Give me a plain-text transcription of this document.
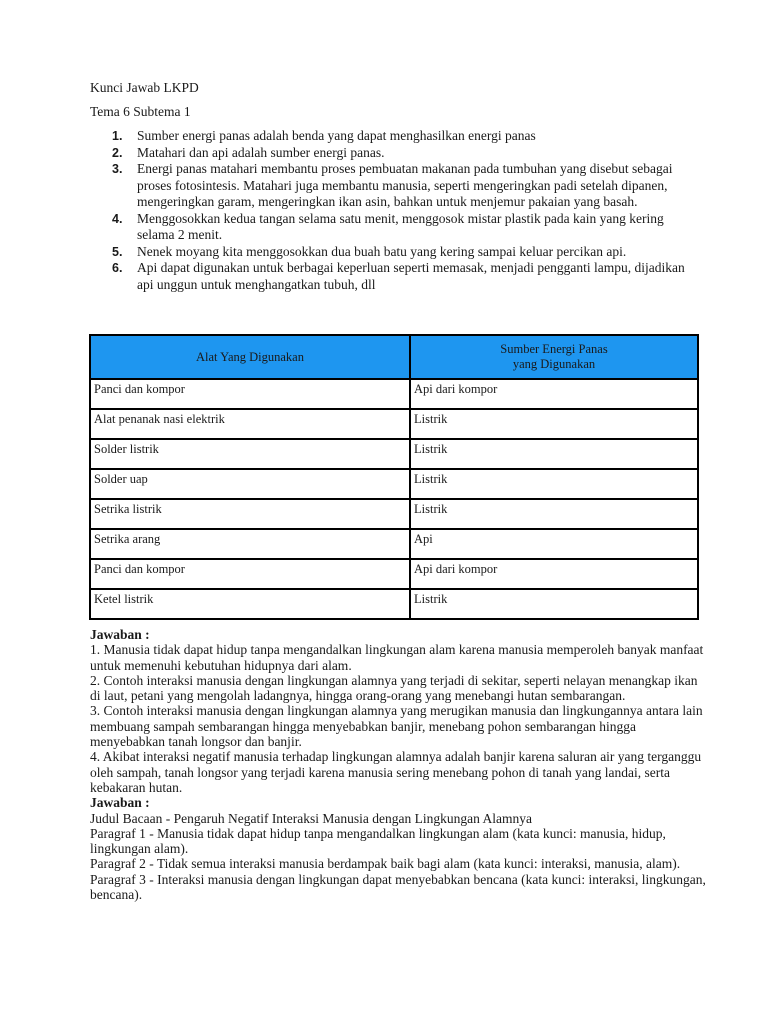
Kunci Jawab LKPD
Tema 6 Subtema 1
1. Sumber energi panas adalah benda yang dapat menghasilkan energi panas
2. Matahari dan api adalah sumber energi panas.
3. Energi panas matahari membantu proses pembuatan makanan pada tumbuhan yang disebut sebagai proses fotosintesis. Matahari juga membantu manusia, seperti mengeringkan padi setelah dipanen, mengeringkan garam, mengeringkan ikan asin, bahkan untuk menjemur pakaian yang basah.
4. Menggosokkan kedua tangan selama satu menit, menggosok mistar plastik pada kain yang kering selama 2 menit.
5. Nenek moyang kita menggosokkan dua buah batu yang kering sampai keluar percikan api.
6. Api dapat digunakan untuk berbagai keperluan seperti memasak, menjadi pengganti lampu, dijadikan api unggun untuk menghangatkan tubuh, dll
Alat Yang Digunakan	Sumber Energi Panas
yang Digunakan
Panci dan kompor	Api dari kompor
Alat penanak nasi elektrik	Listrik
Solder listrik	Listrik
Solder uap	Listrik
Setrika listrik	Listrik
Setrika arang	Api
Panci dan kompor	Api dari kompor
Ketel listrik	Listrik

Jawaban :

1. Manusia tidak dapat hidup tanpa mengandalkan lingkungan alam karena manusia memperoleh banyak manfaat untuk memenuhi kebutuhan hidupnya dari alam.

2. Contoh interaksi manusia dengan lingkungan alamnya yang terjadi di sekitar, seperti nelayan menangkap ikan di laut, petani yang mengolah ladangnya, hingga orang-orang yang menebangi hutan sembarangan.

3. Contoh interaksi manusia dengan lingkungan alamnya yang merugikan manusia dan lingkungannya antara lain membuang sampah sembarangan hingga menyebabkan banjir, menebang pohon sembarangan hingga menyebabkan tanah longsor dan banjir.

4. Akibat interaksi negatif manusia terhadap lingkungan alamnya adalah banjir karena saluran air yang terganggu oleh sampah, tanah longsor yang terjadi karena manusia sering menebang pohon di tanah yang landai, serta kebakaran hutan.

Jawaban :

Judul Bacaan - Pengaruh Negatif Interaksi Manusia dengan Lingkungan Alamnya

Paragraf 1 - Manusia tidak dapat hidup tanpa mengandalkan lingkungan alam (kata kunci: manusia, hidup, lingkungan alam).

Paragraf 2 - Tidak semua interaksi manusia berdampak baik bagi alam (kata kunci: interaksi, manusia, alam).

Paragraf 3 - Interaksi manusia dengan lingkungan dapat menyebabkan bencana (kata kunci: interaksi, lingkungan, bencana).
